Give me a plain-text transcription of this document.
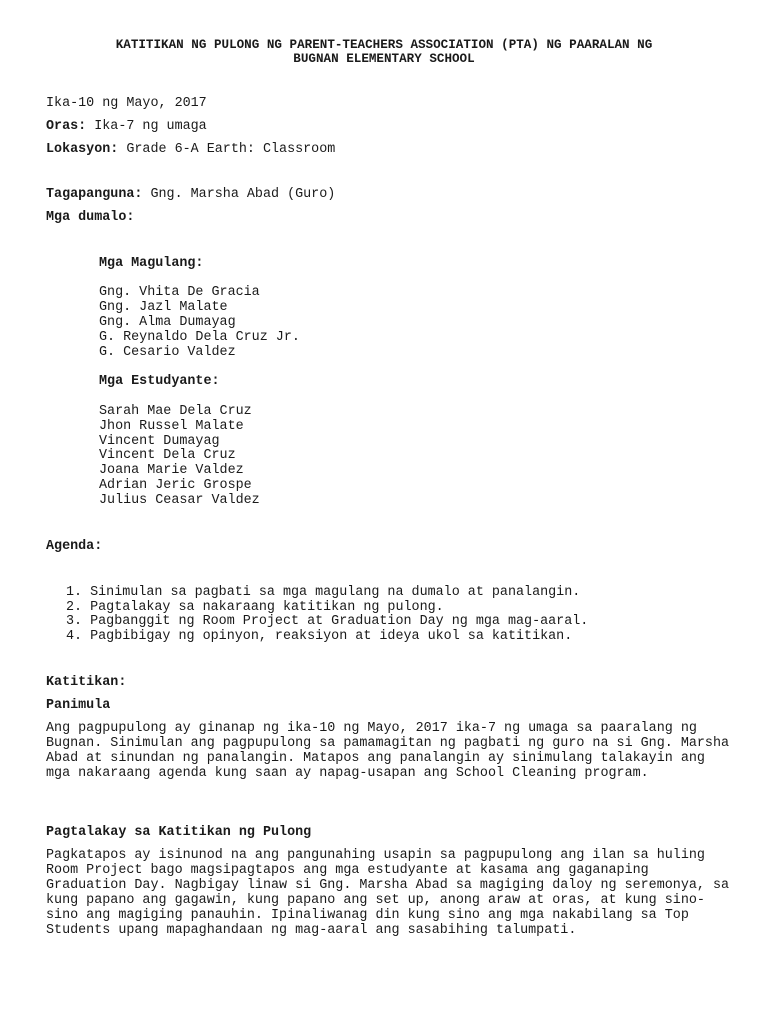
KATITIKAN NG PULONG NG PARENT-TEACHERS ASSOCIATION (PTA) NG PAARALAN NG
BUGNAN ELEMENTARY SCHOOL
Ika-10 ng Mayo, 2017
Oras: Ika-7 ng umaga
Lokasyon: Grade 6-A Earth: Classroom
Tagapanguna: Gng. Marsha Abad (Guro)
Mga dumalo:
Mga Magulang:
Gng. Vhita De Gracia
Gng. Jazl Malate
Gng. Alma Dumayag
G. Reynaldo Dela Cruz Jr.
G. Cesario Valdez
Mga Estudyante:
Sarah Mae Dela Cruz
Jhon Russel Malate
Vincent Dumayag
Vincent Dela Cruz
Joana Marie Valdez
Adrian Jeric Grospe
Julius Ceasar Valdez
Agenda:
1. Sinimulan sa pagbati sa mga magulang na dumalo at panalangin.
2. Pagtalakay sa nakaraang katitikan ng pulong.
3. Pagbanggit ng Room Project at Graduation Day ng mga mag-aaral.
4. Pagbibigay ng opinyon, reaksiyon at ideya ukol sa katitikan.
Katitikan:
Panimula
Ang pagpupulong ay ginanap ng ika-10 ng Mayo, 2017 ika-7 ng umaga sa paaralang ng Bugnan. Sinimulan ang pagpupulong sa pamamagitan ng pagbati ng guro na si Gng. Marsha Abad at sinundan ng panalangin. Matapos ang panalangin ay sinimulang talakayin ang mga nakaraang agenda kung saan ay napag-usapan ang School Cleaning program.
Pagtalakay sa Katitikan ng Pulong
Pagkatapos ay isinunod na ang pangunahing usapin sa pagpupulong ang ilan sa huling Room Project bago magsipagtapos ang mga estudyante at kasama ang gaganaping Graduation Day. Nagbigay linaw si Gng. Marsha Abad sa magiging daloy ng seremonya, sa kung papano ang gagawin, kung papano ang set up, anong araw at oras, at kung sino-sino ang magiging panauhin. Ipinaliwanag din kung sino ang mga nakabilang sa Top Students upang mapaghandaan ng mag-aaral ang sasabihing talumpati.
